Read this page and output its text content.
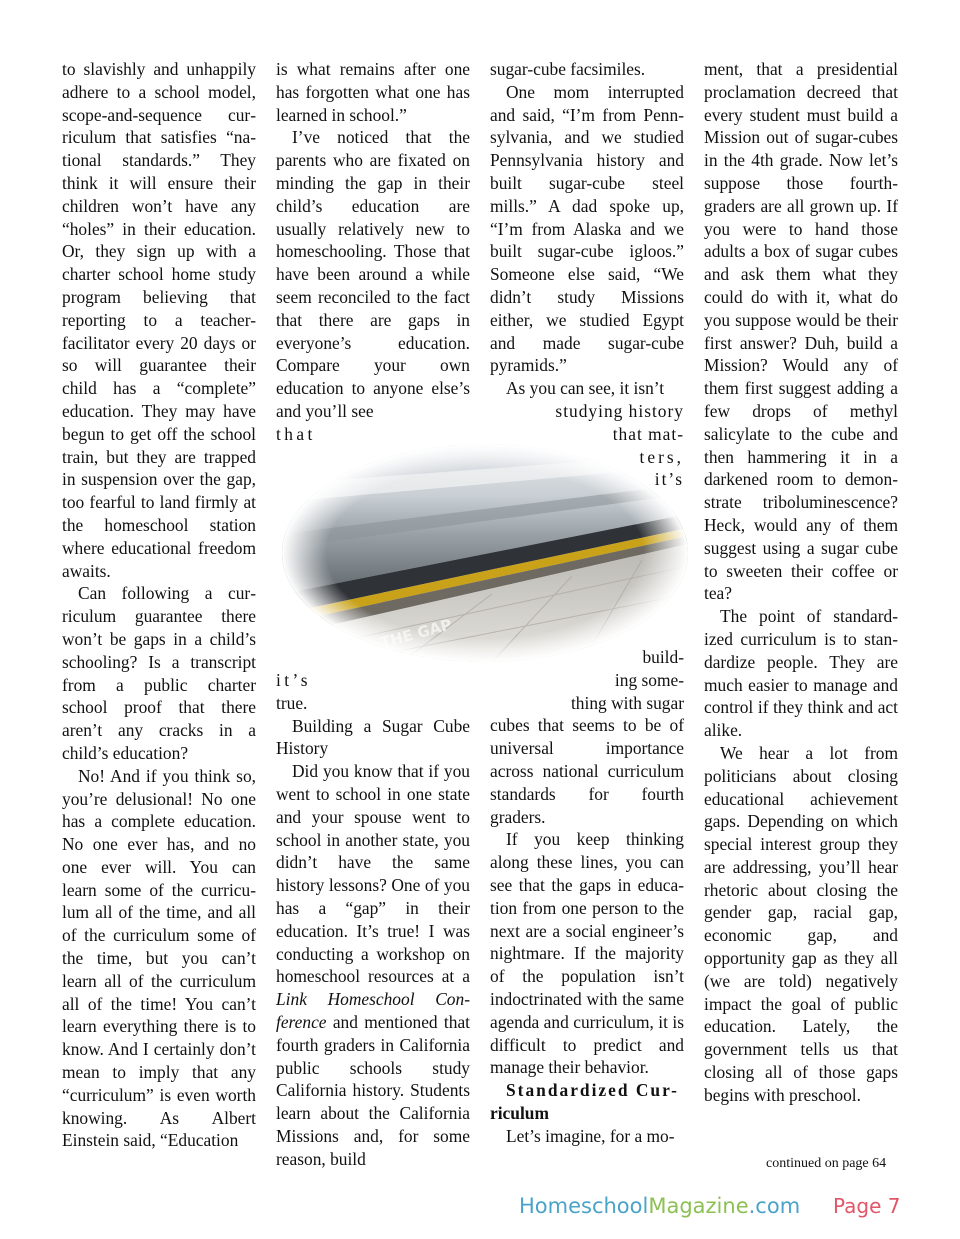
to slavishly and unhappily adhere to a school model, scope-and-sequence curriculum that satisfies “national standards.” They think it will ensure their children won’t have any “holes” in their education. Or, they sign up with a charter school home study program believing that reporting to a teacher-facilitator every 20 days or so will guarantee their child has a “complete” education. They may have begun to get off the school train, but they are trapped in suspension over the gap, too fearful to land firmly at the homeschool station where educational freedom awaits.

Can following a curriculum guarantee there won’t be gaps in a child’s schooling? Is a transcript from a public charter school proof that there aren’t any cracks in a child’s education?

No! And if you think so, you’re delusional! No one has a complete education. No one ever has, and no one ever will. You can learn some of the curriculum all of the time, and all of the curriculum some of the time, but you can’t learn all of the curriculum all of the time! You can’t learn everything there is to know. And I certainly don’t mean to imply that any “curriculum” is even worth knowing. As Albert Einstein said, “Education

is what remains after one has forgotten what one has learned in school.”

I’ve noticed that the parents who are fixated on minding the gap in their child’s education are usually relatively new to homeschooling. Those that have been around a while seem reconciled to the fact that there are gaps in everyone’s education. Compare your own education to anyone else’s and you’ll see

that
it’s

true.

Building a Sugar Cube History

Did you know that if you went to school in one state and your spouse went to school in another state, you didn’t have the same history lessons? One of you has a “gap” in their education. It’s true! I was conducting a workshop on homeschool resources at a Link Homeschool Conference and mentioned that fourth graders in California public schools study California history. Students learn about the California Missions and, for some reason, build

sugar-cube facsimiles.

One mom interrupted and said, “I’m from Pennsylvania, and we studied Pennsylvania history and built sugar-cube steel mills.” A dad spoke up, “I’m from Alaska and we built sugar-cube igloos.” Someone else said, “We didn’t study Missions either, we studied Egypt and made sugar-cube pyramids.”

As you can see, it isn’t

studying history
that mat-
ters,
it’s
build-
ing some-
thing with sugar

cubes that seems to be of universal importance across national curriculum standards for fourth graders.

If you keep thinking along these lines, you can see that the gaps in education from one person to the next are a social engineer’s nightmare. If the majority of the population isn’t indoctrinated with the same agenda and curriculum, it is difficult to predict and manage their behavior.

Standardized Cur-
riculum

Let’s imagine, for a mo-

ment, that a presidential proclamation decreed that every student must build a Mission out of sugar-cubes in the 4th grade. Now let’s suppose those fourth-graders are all grown up. If you were to hand those adults a box of sugar cubes and ask them what they could do with it, what do you suppose would be their first answer? Duh, build a Mission? Would any of them first suggest adding a few drops of methyl salicylate to the cube and then hammering it in a darkened room to demonstrate triboluminescence? Heck, would any of them suggest using a sugar cube to sweeten their coffee or tea?

The point of standardized curriculum is to standardize people. They are much easier to manage and control if they think and act alike.

We hear a lot from politicians about closing educational achievement gaps. Depending on which special interest group they are addressing, you’ll hear rhetoric about closing the gender gap, racial gap, economic gap, and opportunity gap as they all (we are told) negatively impact the goal of public education. Lately, the government tells us that closing all of those gaps begins with preschool.

continued on page 64
HomeschoolMagazine.com Page 7
